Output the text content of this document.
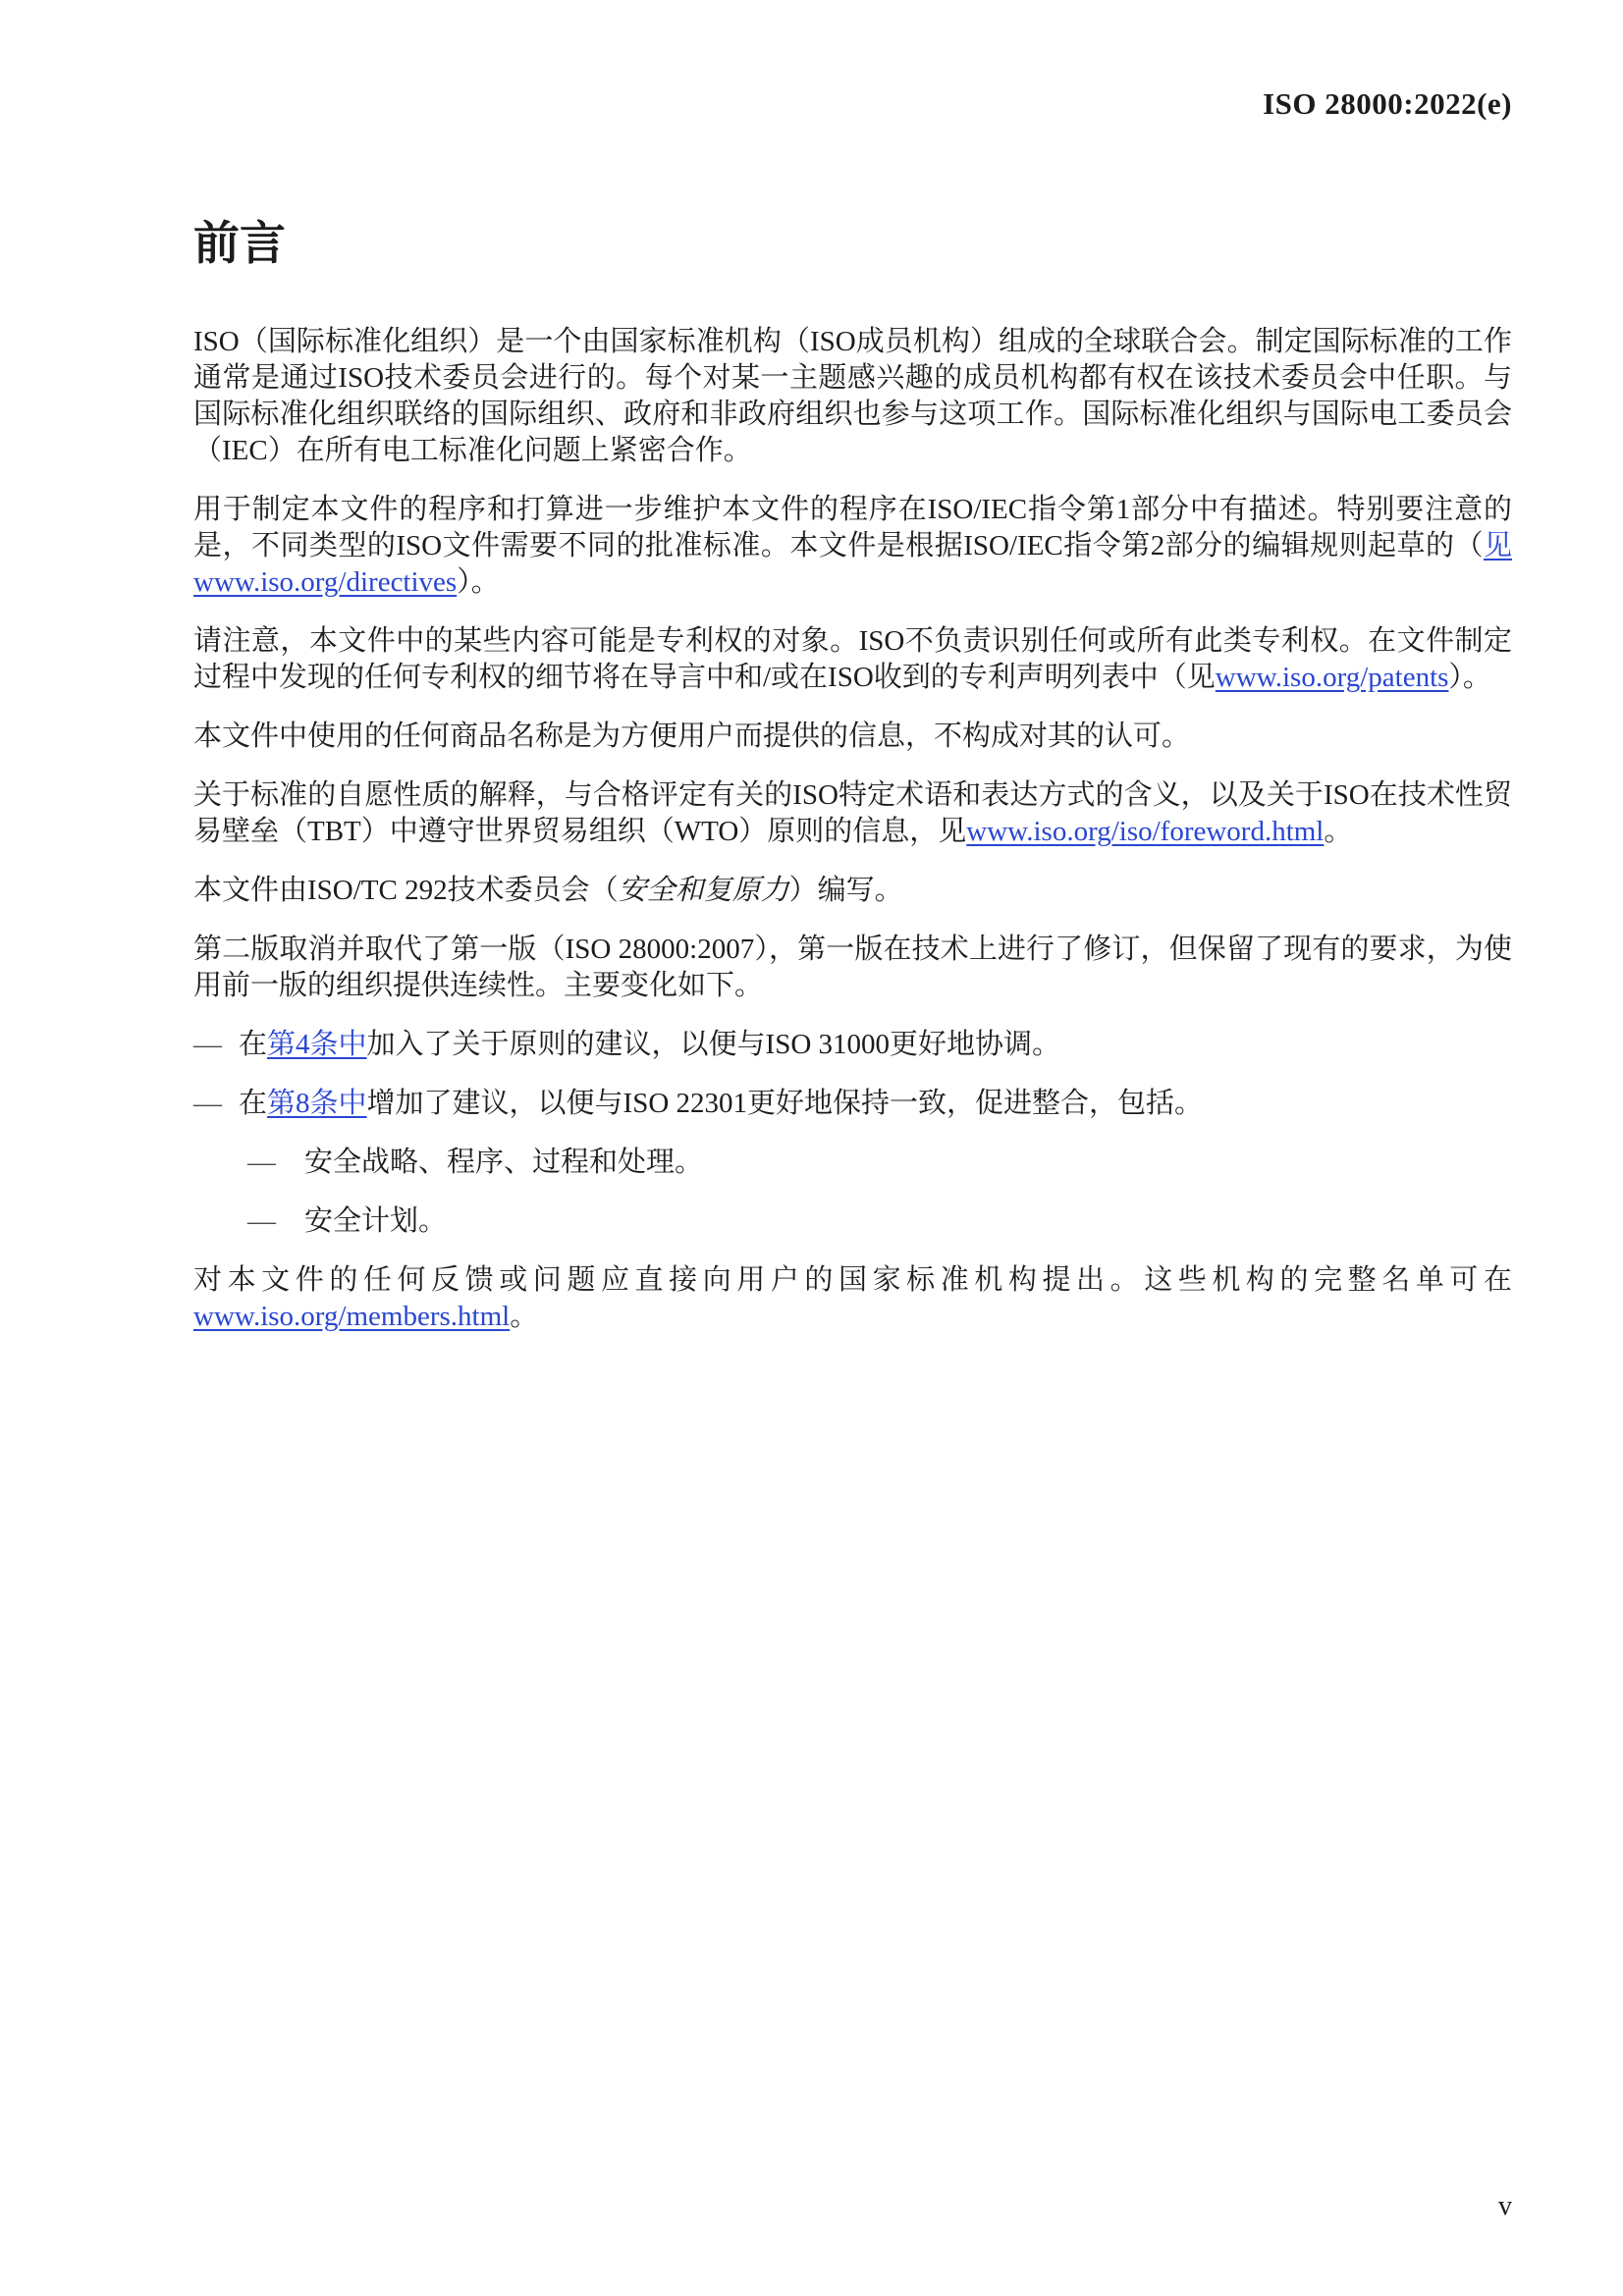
ISO 28000:2022(e)
前言

ISO（国际标准化组织）是一个由国家标准机构（ISO成员机构）组成的全球联合会。制定国际标准的工作通常是通过ISO技术委员会进行的。每个对某一主题感兴趣的成员机构都有权在该技术委员会中任职。与国际标准化组织联络的国际组织、政府和非政府组织也参与这项工作。国际标准化组织与国际电工委员会（IEC）在所有电工标准化问题上紧密合作。

用于制定本文件的程序和打算进一步维护本文件的程序在ISO/IEC指令第1部分中有描述。特别要注意的是，不同类型的ISO文件需要不同的批准标准。本文件是根据ISO/IEC指令第2部分的编辑规则起草的（见www.iso.org/directives）。

请注意，本文件中的某些内容可能是专利权的对象。ISO不负责识别任何或所有此类专利权。在文件制定过程中发现的任何专利权的细节将在导言中和/或在ISO收到的专利声明列表中（见www.iso.org/patents）。

本文件中使用的任何商品名称是为方便用户而提供的信息，不构成对其的认可。

关于标准的自愿性质的解释，与合格评定有关的ISO特定术语和表达方式的含义，以及关于ISO在技术性贸易壁垒（TBT）中遵守世界贸易组织（WTO）原则的信息，见www.iso.org/iso/foreword.html。

本文件由ISO/TC 292技术委员会（安全和复原力）编写。

第二版取消并取代了第一版（ISO 28000:2007），第一版在技术上进行了修订，但保留了现有的要求，为使用前一版的组织提供连续性。主要变化如下。

— 在第4条中加入了关于原则的建议，以便与ISO 31000更好地协调。

— 在第8条中增加了建议，以便与ISO 22301更好地保持一致，促进整合，包括。

— 安全战略、程序、过程和处理。

— 安全计划。

对本文件的任何反馈或问题应直接向用户的国家标准机构提出。这些机构的完整名单可在www.iso.org/members.html。

v
